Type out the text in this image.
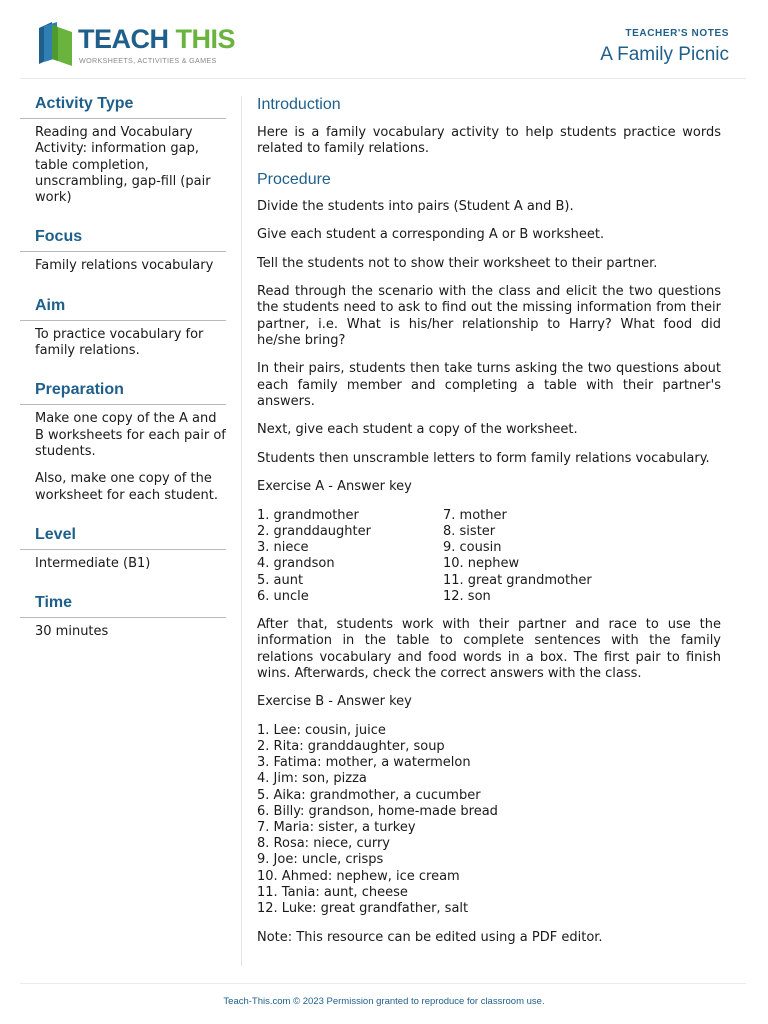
TEACH THIS
WORKSHEETS, ACTIVITIES & GAMES
TEACHER'S NOTES
A Family Picnic
Activity Type

Reading and Vocabulary Activity: information gap, table completion, unscrambling, gap-fill (pair work)

Focus

Family relations vocabulary

Aim

To practice vocabulary for family relations.

Preparation

Make one copy of the A and B worksheets for each pair of students.

Also, make one copy of the worksheet for each student.

Level

Intermediate (B1)

Time

30 minutes

Introduction

Here is a family vocabulary activity to help students practice words related to family relations.

Procedure

Divide the students into pairs (Student A and B).

Give each student a corresponding A or B worksheet.

Tell the students not to show their worksheet to their partner.

Read through the scenario with the class and elicit the two questions the students need to ask to find out the missing information from their partner, i.e. What is his/her relationship to Harry? What food did he/she bring?

In their pairs, students then take turns asking the two questions about each family member and completing a table with their partner's answers.

Next, give each student a copy of the worksheet.

Students then unscramble letters to form family relations vocabulary.

Exercise A - Answer key

1. grandmother
2. granddaughter
3. niece
4. grandson
5. aunt
6. uncle
7. mother
8. sister
9. cousin
10. nephew
11. great grandmother
12. son

After that, students work with their partner and race to use the information in the table to complete sentences with the family relations vocabulary and food words in a box. The first pair to finish wins. Afterwards, check the correct answers with the class.

Exercise B - Answer key

1. Lee: cousin, juice
2. Rita: granddaughter, soup
3. Fatima: mother, a watermelon
4. Jim: son, pizza
5. Aika: grandmother, a cucumber
6. Billy: grandson, home-made bread
7. Maria: sister, a turkey
8. Rosa: niece, curry
9. Joe: uncle, crisps
10. Ahmed: nephew, ice cream
11. Tania: aunt, cheese
12. Luke: great grandfather, salt

Note: This resource can be edited using a PDF editor.

Teach-This.com © 2023 Permission granted to reproduce for classroom use.
